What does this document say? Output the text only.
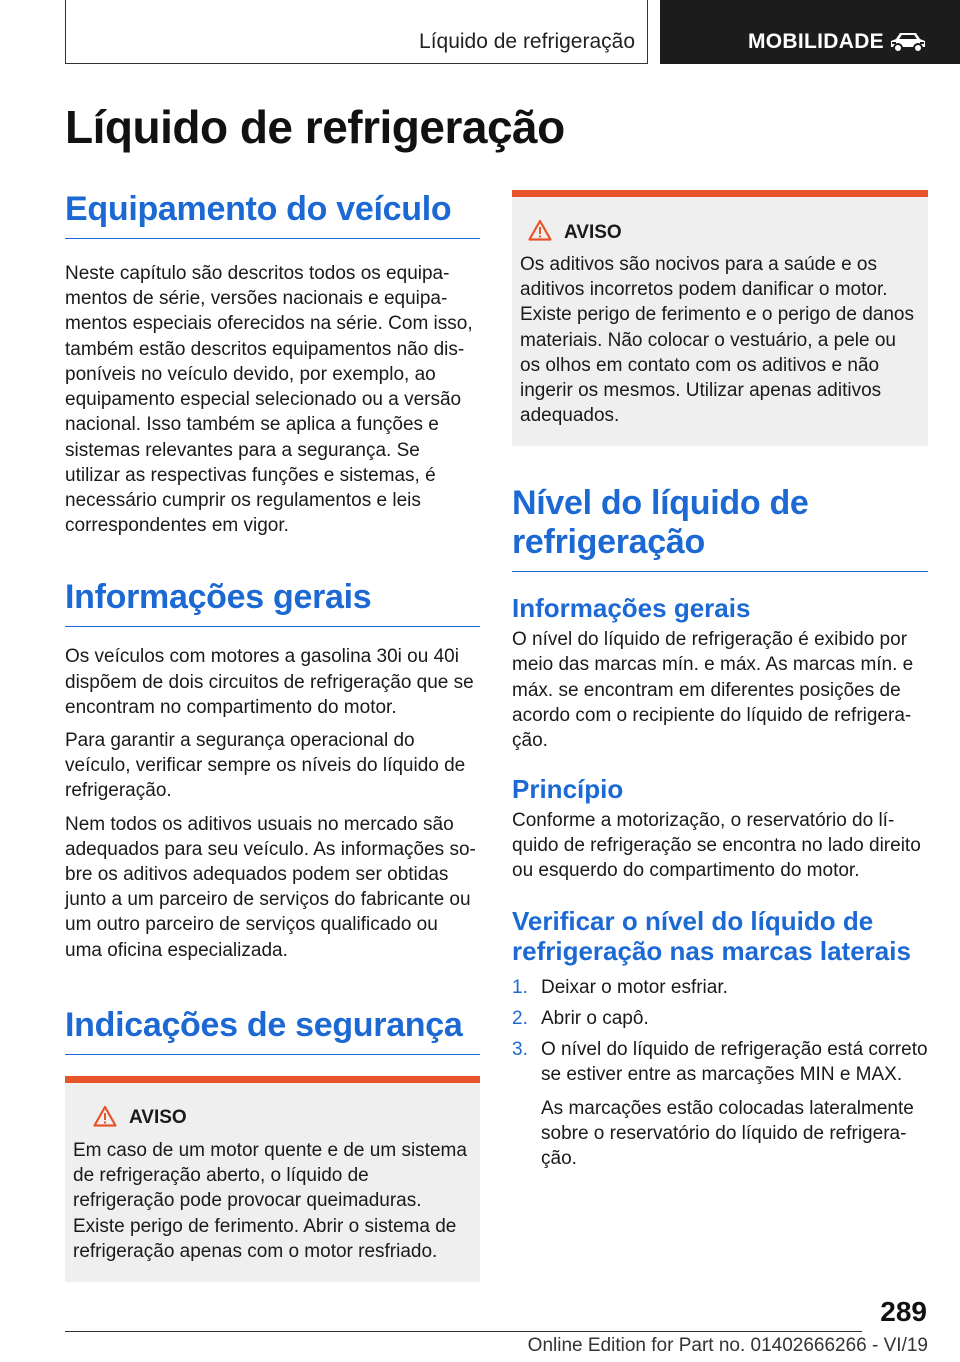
Líquido de refrigeração	MOBILIDADE
Líquido de refrigeração
Equipamento do veículo

Neste capítulo são descritos todos os equipamentos de série, versões nacionais e equipamentos especiais oferecidos na série. Com isso, também estão descritos equipamentos não disponíveis no veículo devido, por exemplo, ao equipamento especial selecionado ou a versão nacional. Isso também se aplica a funções e sistemas relevantes para a segurança. Se utilizar as respectivas funções e sistemas, é necessário cumprir os regulamentos e leis correspondentes em vigor.

Informações gerais

Os veículos com motores a gasolina 30i ou 40i dispõem de dois circuitos de refrigeração que se encontram no compartimento do motor.

Para garantir a segurança operacional do veículo, verificar sempre os níveis do líquido de refrigeração.

Nem todos os aditivos usuais no mercado são adequados para seu veículo. As informações sobre os aditivos adequados podem ser obtidas junto a um parceiro de serviços do fabricante ou um outro parceiro de serviços qualificado ou uma oficina especializada.

Indicações de segurança
AVISO

Em caso de um motor quente e de um sistema de refrigeração aberto, o líquido de refrigeração pode provocar queimaduras. Existe perigo de ferimento. Abrir o sistema de refrigeração apenas com o motor resfriado.

AVISO

Os aditivos são nocivos para a saúde e os aditivos incorretos podem danificar o motor. Existe perigo de ferimento e o perigo de danos materiais. Não colocar o vestuário, a pele ou os olhos em contato com os aditivos e não ingerir os mesmos. Utilizar apenas aditivos adequados.

Nível do líquido de refrigeração
Informações gerais

O nível do líquido de refrigeração é exibido por meio das marcas mín. e máx. As marcas mín. e máx. se encontram em diferentes posições de acordo com o recipiente do líquido de refrigeração.

Princípio

Conforme a motorização, o reservatório do líquido de refrigeração se encontra no lado direito ou esquerdo do compartimento do motor.

Verificar o nível do líquido de refrigeração nas marcas laterais
1. Deixar o motor esfriar.
2. Abrir o capô.
3. O nível do líquido de refrigeração está correto se estiver entre as marcações MIN e MAX.

As marcações estão colocadas lateralmente sobre o reservatório do líquido de refrigeração.

289
Online Edition for Part no. 01402666266 - VI/19
